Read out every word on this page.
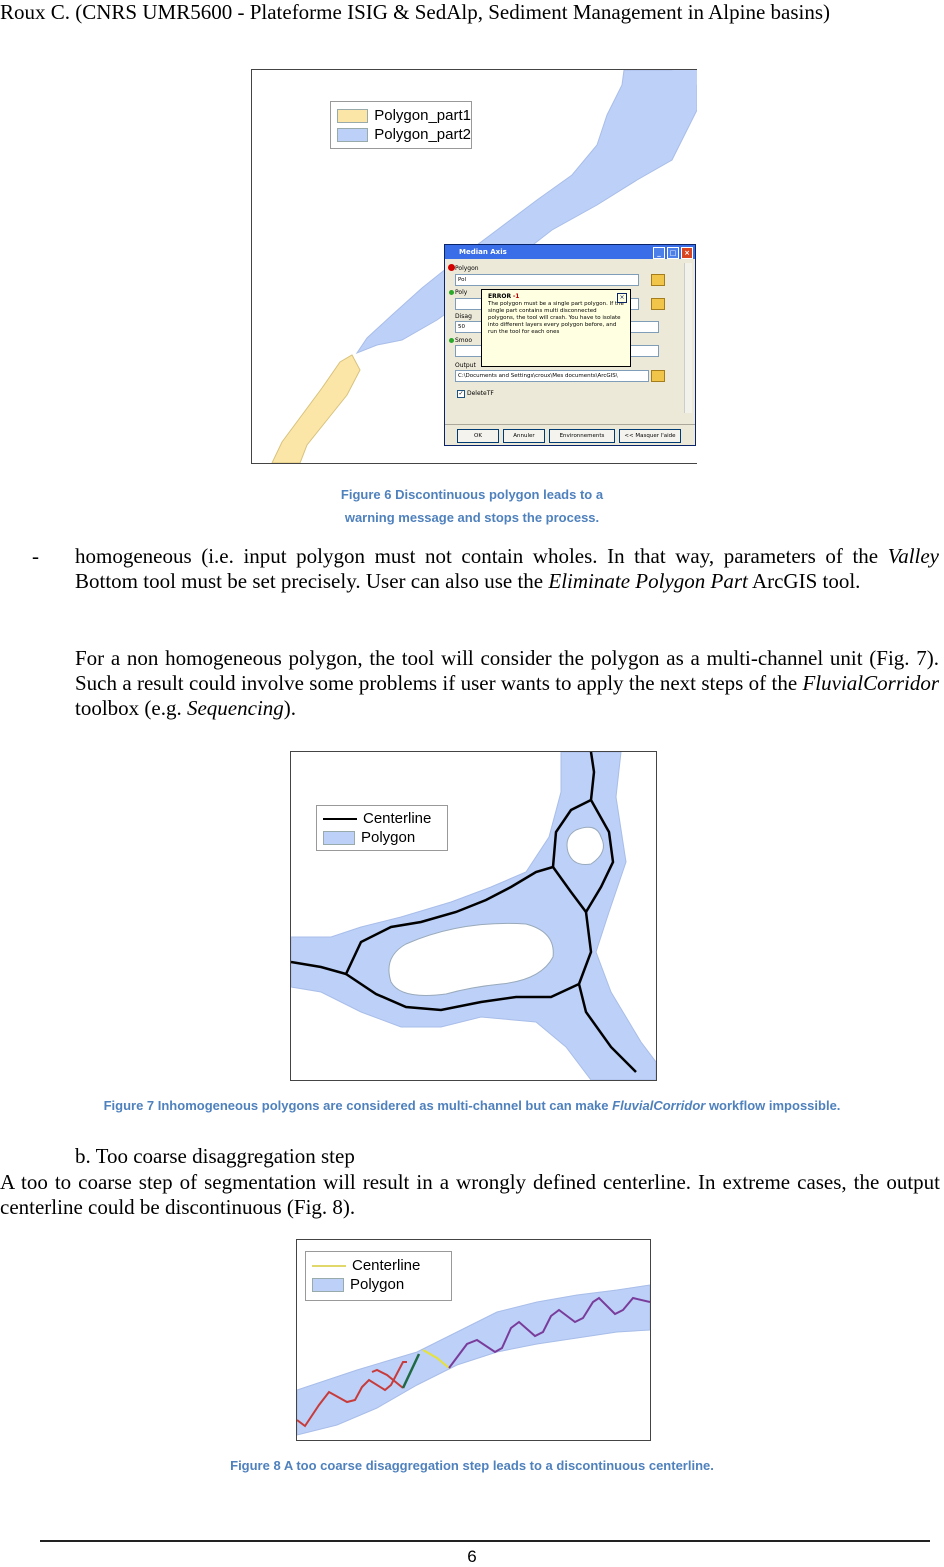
Roux C. (CNRS UMR5600 - Plateforme ISIG & SedAlp, Sediment Management in Alpine basins)
Polygon_part1
Polygon_part2
Median Axis	_	□	×
Polygon
Pol
Poly
Disag
50
Smoo
Output
C:\Documents and Settings\croux\Mes documents\ArcGIS\
✓ DeleteTF
×
ERROR -1
The polygon must be a single part polygon. If the single part contains multi disconnected polygons, the tool will crash. You have to isolate into different layers every polygon before, and run the tool for each ones
OK	Annuler	Environnements	<< Masquer l'aide
Figure 6 Discontinuous polygon leads to a
warning message and stops the process.
- homogeneous (i.e. input polygon must not contain wholes. In that way, parameters of the Valley Bottom tool must be set precisely. User can also use the Eliminate Polygon Part ArcGIS tool.
For a non homogeneous polygon, the tool will consider the polygon as a multi-channel unit (Fig. 7). Such a result could involve some problems if user wants to apply the next steps of the FluvialCorridor toolbox (e.g. Sequencing).
Centerline
Polygon
Figure 7 Inhomogeneous polygons are considered as multi-channel but can make FluvialCorridor workflow impossible.
b. Too coarse disaggregation step
A too to coarse step of segmentation will result in a wrongly defined centerline. In extreme cases, the output centerline could be discontinuous (Fig. 8).
Centerline
Polygon
Figure 8 A too coarse disaggregation step leads to a discontinuous centerline.
6
